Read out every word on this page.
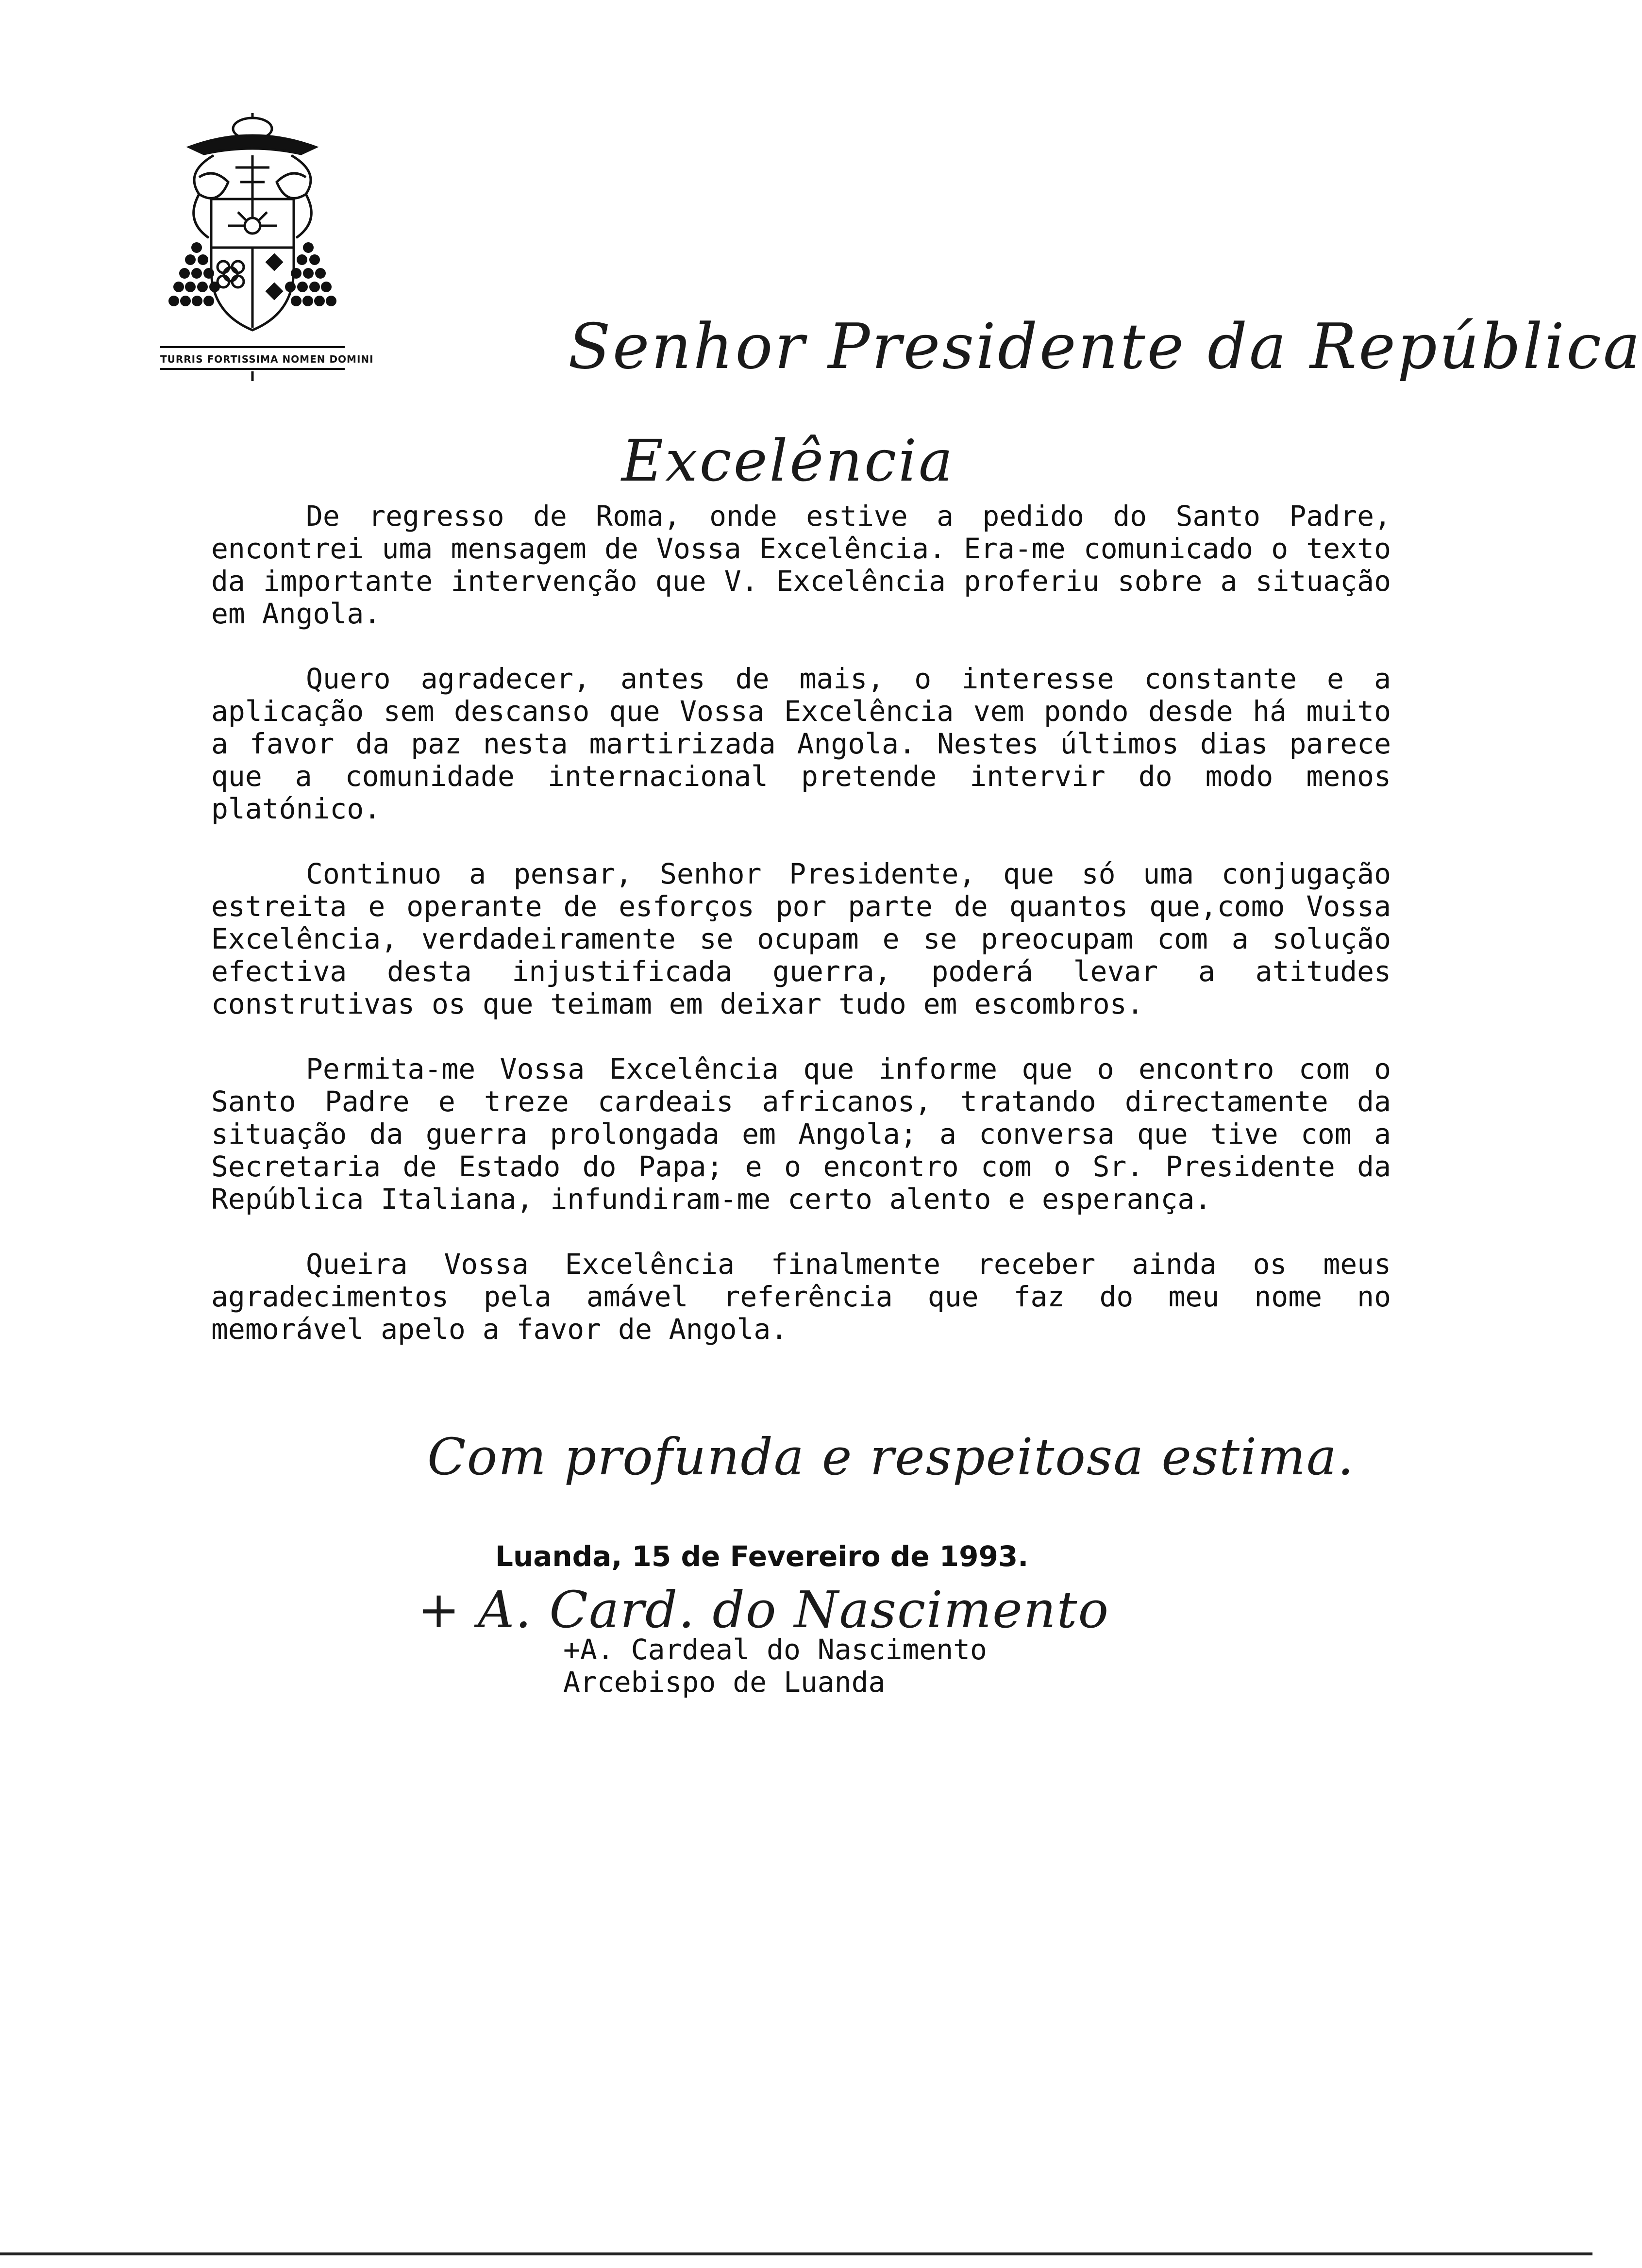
TURRIS FORTISSIMA NOMEN DOMINI	Senhor Presidente da República
Excelência

De regresso de Roma, onde estive a pedido do Santo Padre, encontrei uma mensagem de Vossa Excelência. Era-me comunicado o texto da importante intervenção que V. Excelência proferiu sobre a situação em Angola.

Quero agradecer, antes de mais, o interesse constante e a aplicação sem descanso que Vossa Excelência vem pondo desde há muito a favor da paz nesta martirizada Angola. Nestes últimos dias parece que a comunidade internacional pretende intervir do modo menos platónico.

Continuo a pensar, Senhor Presidente, que só uma conjugação estreita e operante de esforços por parte de quantos que,como Vossa Excelência, verdadeiramente se ocupam e se preocupam com a solução efectiva desta injustificada guerra, poderá levar a atitudes construtivas os que teimam em deixar tudo em escombros.

Permita-me Vossa Excelência que informe que o encontro com o Santo Padre e treze cardeais africanos, tratando directamente da situação da guerra prolongada em Angola; a conversa que tive com a Secretaria de Estado do Papa; e o encontro com o Sr. Presidente da República Italiana, infundiram-me certo alento e esperança.

Queira Vossa Excelência finalmente receber ainda os meus agradecimentos pela amável referência que faz do meu nome no memorável apelo a favor de Angola.

Com profunda e respeitosa estima.
Luanda, 15 de Fevereiro de 1993.
+ A. Card. do Nascimento
+A. Cardeal do Nascimento
Arcebispo de Luanda
